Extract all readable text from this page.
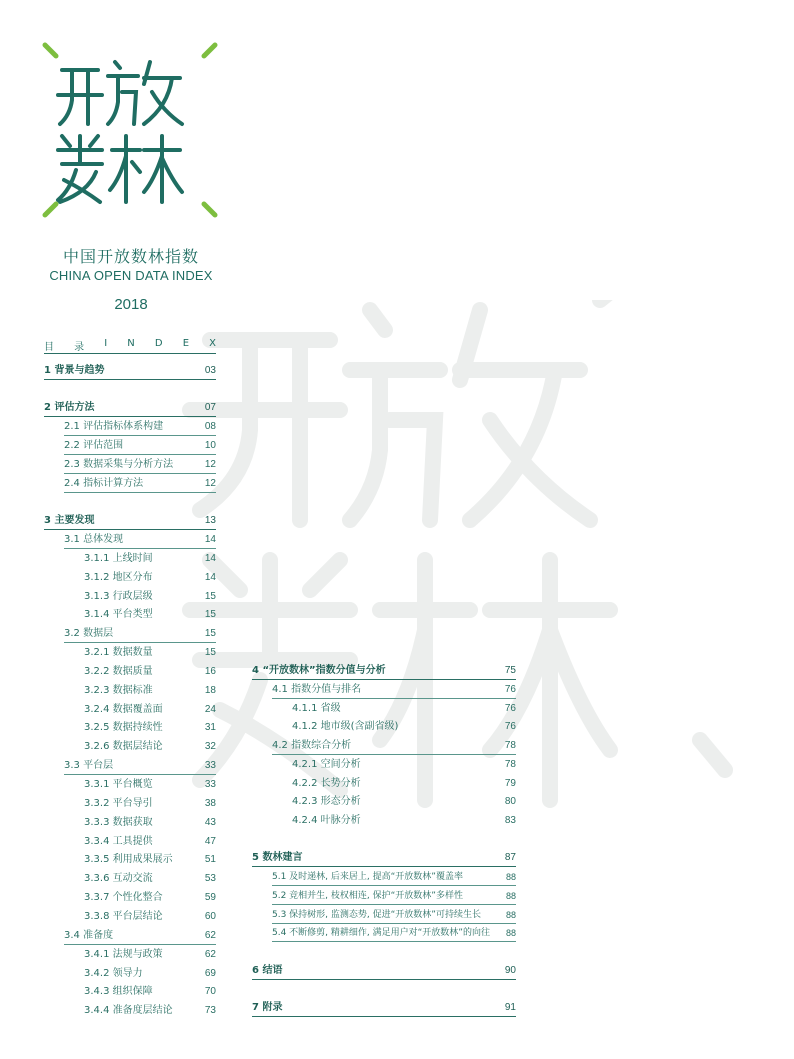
中国开放数林指数
CHINA OPEN DATA INDEX
2018
目 录 I N D E X
1 背景与趋势	03
2 评估方法	07
2.1 评估指标体系构建	08
2.2 评估范围	10
2.3 数据采集与分析方法	12
2.4 指标计算方法	12
3 主要发现	13
3.1 总体发现	14
3.1.1 上线时间	14
3.1.2 地区分布	14
3.1.3 行政层级	15
3.1.4 平台类型	15
3.2 数据层	15
3.2.1 数据数量	15
3.2.2 数据质量	16
3.2.3 数据标准	18
3.2.4 数据覆盖面	24
3.2.5 数据持续性	31
3.2.6 数据层结论	32
3.3 平台层	33
3.3.1 平台概览	33
3.3.2 平台导引	38
3.3.3 数据获取	43
3.3.4 工具提供	47
3.3.5 利用成果展示	51
3.3.6 互动交流	53
3.3.7 个性化整合	59
3.3.8 平台层结论	60
3.4 准备度	62
3.4.1 法规与政策	62
3.4.2 领导力	69
3.4.3 组织保障	70
3.4.4 准备度层结论	73
4 “开放数林”指数分值与分析	75
4.1 指数分值与排名	76
4.1.1 省级	76
4.1.2 地市级(含副省级)	76
4.2 指数综合分析	78
4.2.1 空间分析	78
4.2.2 长势分析	79
4.2.3 形态分析	80
4.2.4 叶脉分析	83
5 数林建言	87
5.1 及时递林, 后来居上, 提高“开放数林”覆盖率	88
5.2 竞相并生, 枝权相连, 保护“开放数林”多样性	88
5.3 保持树形, 监测态势, 促进“开放数林”可持续生长	88
5.4 不断修剪, 精耕细作, 满足用户对“开放数林”的向往 88
6 结语	90
7 附录	91
